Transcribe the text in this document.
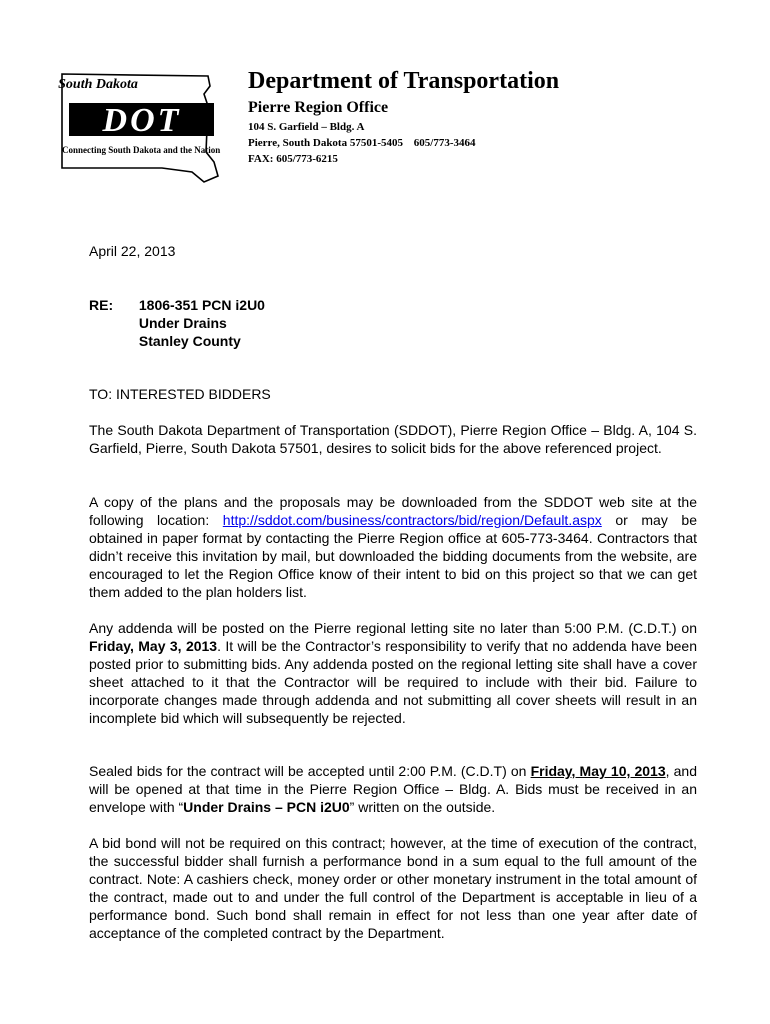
DOT
South Dakota
Connecting South Dakota and the Nation
Department of Transportation
Pierre Region Office
104 S. Garfield – Bldg. A
Pierre, South Dakota 57501-5405 605/773-3464
FAX: 605/773-6215
April 22, 2013
RE: 1806-351 PCN i2U0
Under Drains
Stanley County
TO: INTERESTED BIDDERS

The South Dakota Department of Transportation (SDDOT), Pierre Region Office – Bldg. A, 104 S. Garfield, Pierre, South Dakota 57501, desires to solicit bids for the above referenced project.

A copy of the plans and the proposals may be downloaded from the SDDOT web site at the following location: http://sddot.com/business/contractors/bid/region/Default.aspx or may be obtained in paper format by contacting the Pierre Region office at 605-773-3464. Contractors that didn’t receive this invitation by mail, but downloaded the bidding documents from the website, are encouraged to let the Region Office know of their intent to bid on this project so that we can get them added to the plan holders list.

Any addenda will be posted on the Pierre regional letting site no later than 5:00 P.M. (C.D.T.) on Friday, May 3, 2013. It will be the Contractor’s responsibility to verify that no addenda have been posted prior to submitting bids. Any addenda posted on the regional letting site shall have a cover sheet attached to it that the Contractor will be required to include with their bid. Failure to incorporate changes made through addenda and not submitting all cover sheets will result in an incomplete bid which will subsequently be rejected.

Sealed bids for the contract will be accepted until 2:00 P.M. (C.D.T) on Friday, May 10, 2013, and will be opened at that time in the Pierre Region Office – Bldg. A. Bids must be received in an envelope with “Under Drains – PCN i2U0” written on the outside.

A bid bond will not be required on this contract; however, at the time of execution of the contract, the successful bidder shall furnish a performance bond in a sum equal to the full amount of the contract. Note: A cashiers check, money order or other monetary instrument in the total amount of the contract, made out to and under the full control of the Department is acceptable in lieu of a performance bond. Such bond shall remain in effect for not less than one year after date of acceptance of the completed contract by the Department.
